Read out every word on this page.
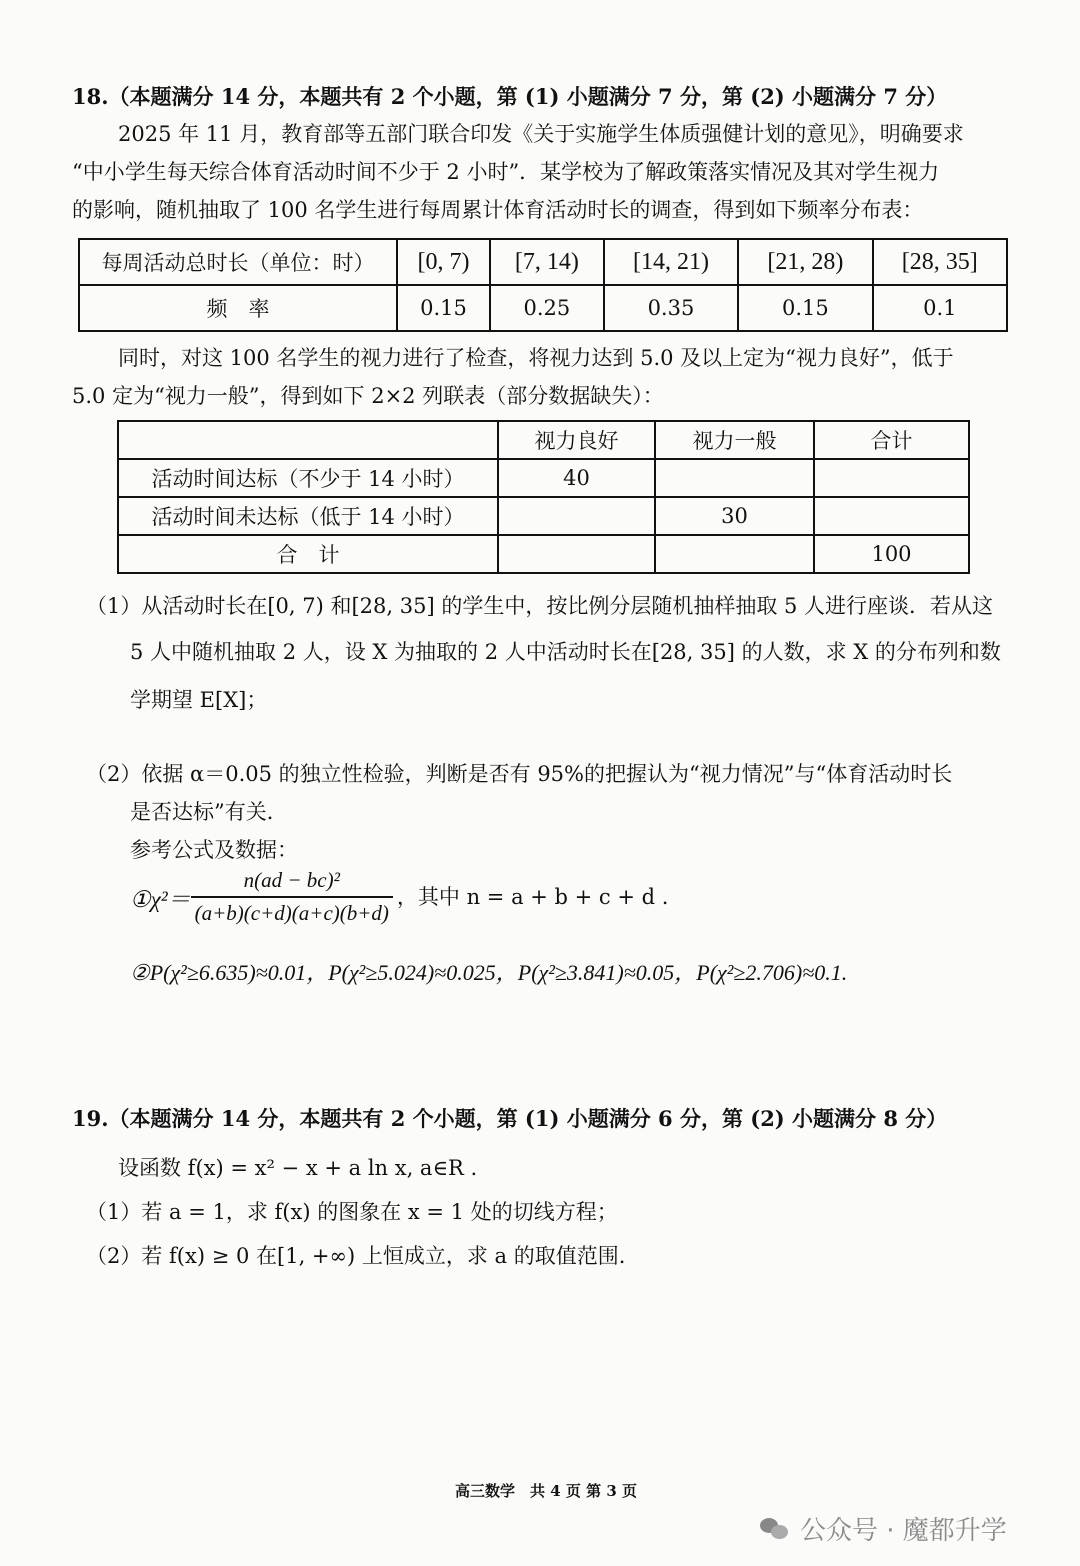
18.（本题满分 14 分，本题共有 2 个小题，第 (1) 小题满分 7 分，第 (2) 小题满分 7 分）
2025 年 11 月，教育部等五部门联合印发《关于实施学生体质强健计划的意见》，明确要求
“中小学生每天综合体育活动时间不少于 2 小时”．某学校为了解政策落实情况及其对学生视力
的影响，随机抽取了 100 名学生进行每周累计体育活动时长的调查，得到如下频率分布表：
每周活动总时长（单位：时）	[0, 7)	[7, 14)	[14, 21)	[21, 28)	[28, 35]
频　率	0.15	0.25	0.35	0.15	0.1
同时，对这 100 名学生的视力进行了检查，将视力达到 5.0 及以上定为“视力良好”，低于
5.0 定为“视力一般”，得到如下 2×2 列联表（部分数据缺失）：
	视力良好	视力一般	合计
活动时间达标（不少于 14 小时）	40		
活动时间未达标（低于 14 小时）		30	
合　计			100
（1）从活动时长在[0, 7) 和[28, 35] 的学生中，按比例分层随机抽样抽取 5 人进行座谈．若从这
5 人中随机抽取 2 人，设 X 为抽取的 2 人中活动时长在[28, 35] 的人数，求 X 的分布列和数
学期望 E[X]；
（2）依据 α＝0.05 的独立性检验，判断是否有 95%的把握认为“视力情况”与“体育活动时长
是否达标”有关．
参考公式及数据：
①χ²＝ $\frac{\text{n(ad − bc)²}}{(a+b)(c+d)(a+c)(b+d)}$ ，其中 n = a + b + c + d .
②P(χ²≥6.635)≈0.01，P(χ²≥5.024)≈0.025，P(χ²≥3.841)≈0.05，P(χ²≥2.706)≈0.1.
19.（本题满分 14 分，本题共有 2 个小题，第 (1) 小题满分 6 分，第 (2) 小题满分 8 分）
设函数 f(x) = x² − x + a ln x, a∈R .
（1）若 a = 1，求 f(x) 的图象在 x = 1 处的切线方程；
（2）若 f(x) ≥ 0 在[1, +∞) 上恒成立，求 a 的取值范围.
高三数学　共 4 页 第 3 页
公众号 · 魔都升学
